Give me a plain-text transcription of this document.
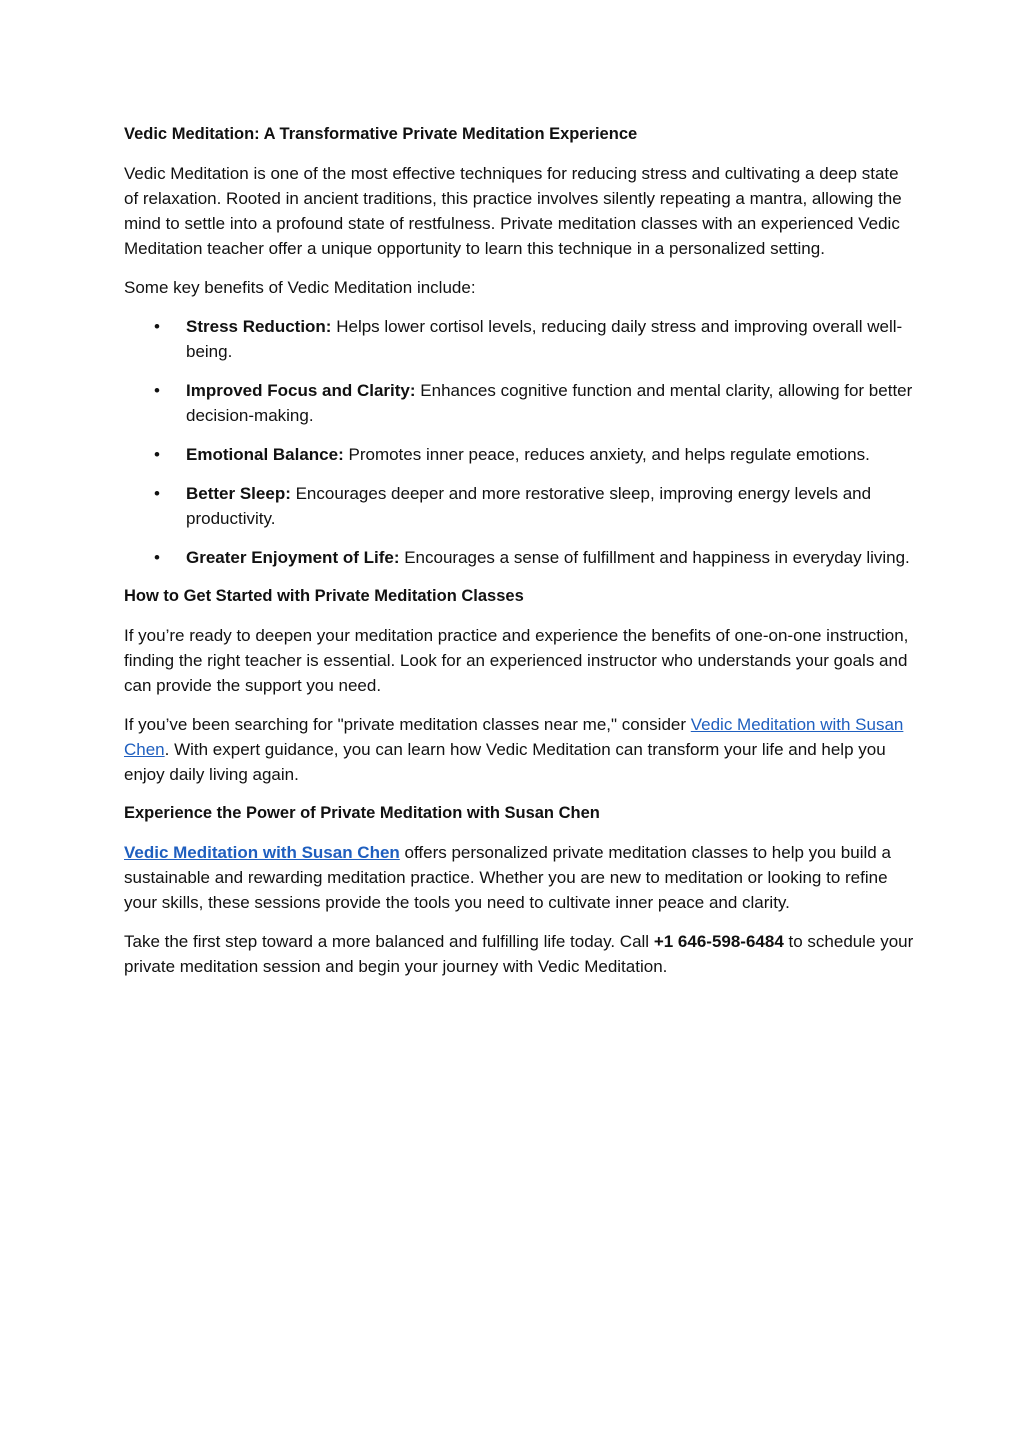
Vedic Meditation: A Transformative Private Meditation Experience

Vedic Meditation is one of the most effective techniques for reducing stress and cultivating a deep state of relaxation. Rooted in ancient traditions, this practice involves silently repeating a mantra, allowing the mind to settle into a profound state of restfulness. Private meditation classes with an experienced Vedic Meditation teacher offer a unique opportunity to learn this technique in a personalized setting.

Some key benefits of Vedic Meditation include:

• Stress Reduction: Helps lower cortisol levels, reducing daily stress and improving overall well-being.
• Improved Focus and Clarity: Enhances cognitive function and mental clarity, allowing for better decision-making.
• Emotional Balance: Promotes inner peace, reduces anxiety, and helps regulate emotions.
• Better Sleep: Encourages deeper and more restorative sleep, improving energy levels and productivity.
• Greater Enjoyment of Life: Encourages a sense of fulfillment and happiness in everyday living.

How to Get Started with Private Meditation Classes

If you’re ready to deepen your meditation practice and experience the benefits of one-on-one instruction, finding the right teacher is essential. Look for an experienced instructor who understands your goals and can provide the support you need.

If you’ve been searching for "private meditation classes near me," consider Vedic Meditation with Susan Chen. With expert guidance, you can learn how Vedic Meditation can transform your life and help you enjoy daily living again.

Experience the Power of Private Meditation with Susan Chen

Vedic Meditation with Susan Chen offers personalized private meditation classes to help you build a sustainable and rewarding meditation practice. Whether you are new to meditation or looking to refine your skills, these sessions provide the tools you need to cultivate inner peace and clarity.

Take the first step toward a more balanced and fulfilling life today. Call +1 646-598-6484 to schedule your private meditation session and begin your journey with Vedic Meditation.
